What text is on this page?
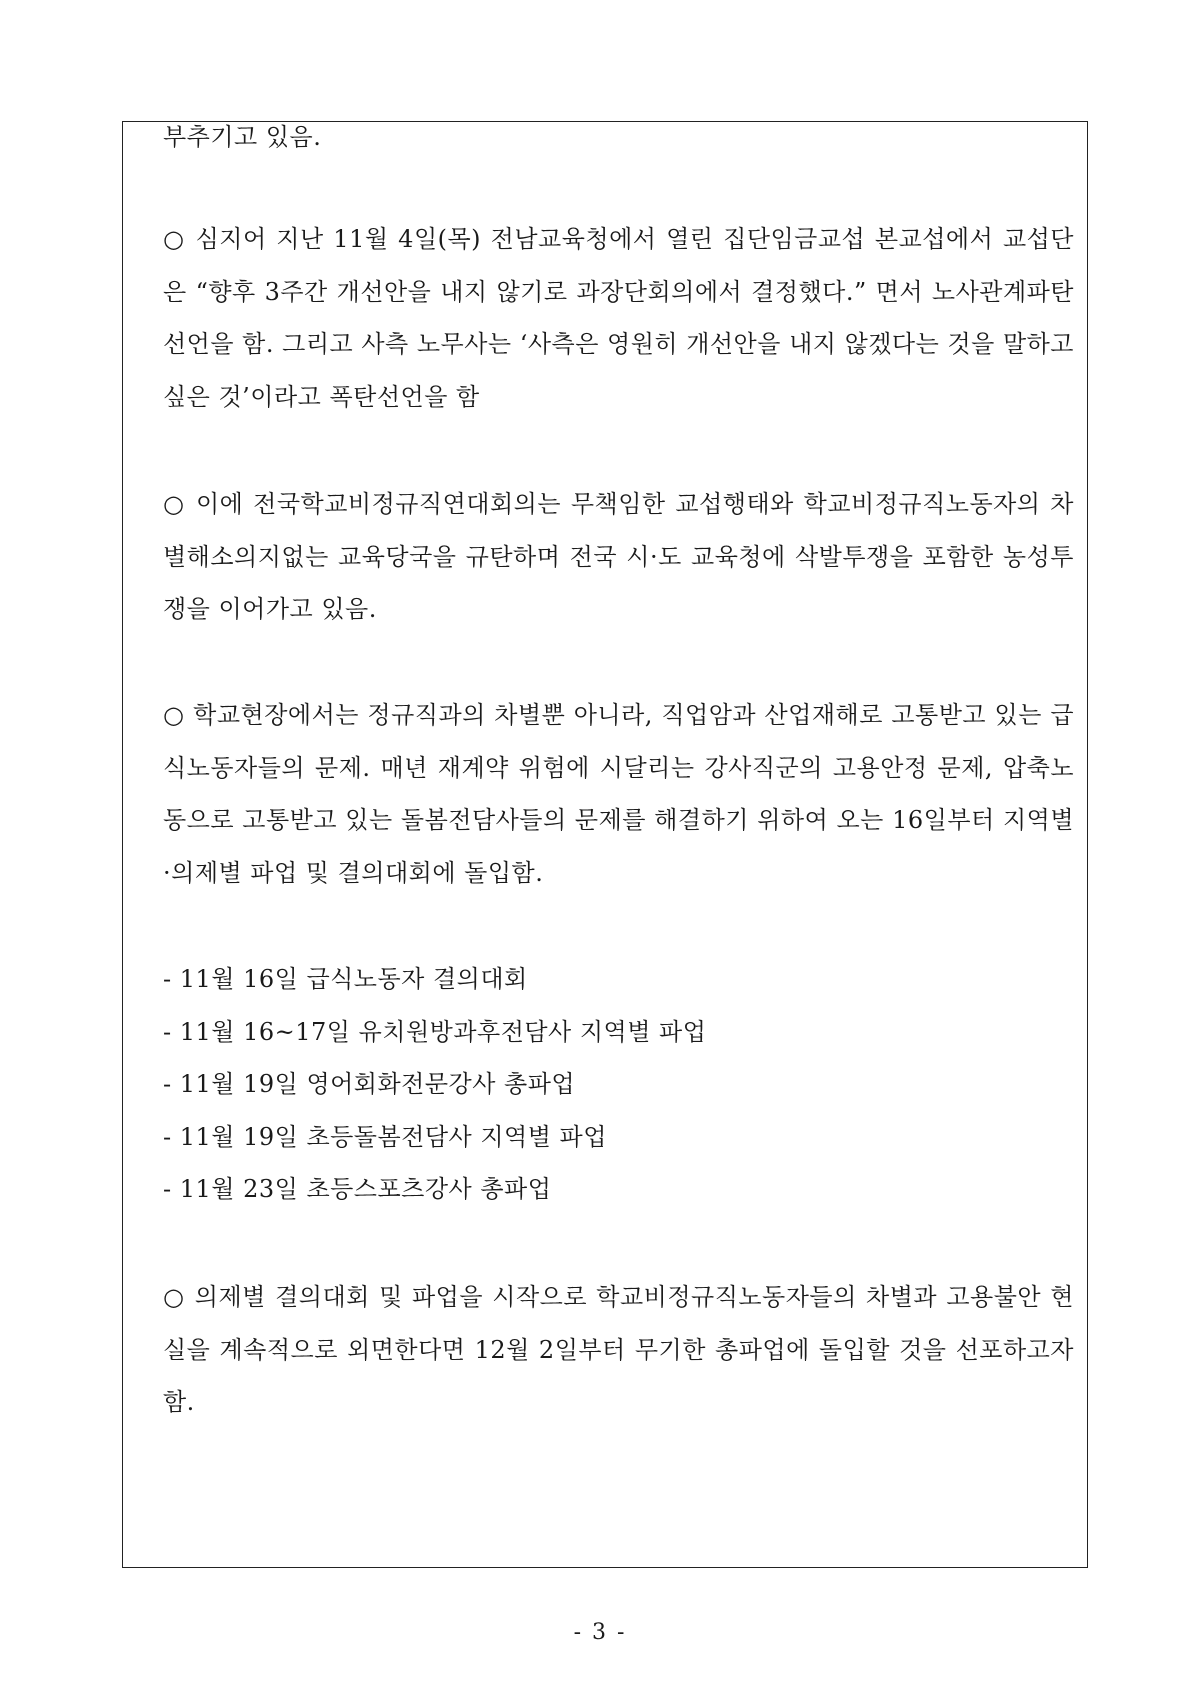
부추기고 있음.

○ 심지어 지난 11월 4일(목) 전남교육청에서 열린 집단임금교섭 본교섭에서 교섭단은 “향후 3주간 개선안을 내지 않기로 과장단회의에서 결정했다.” 면서 노사관계파탄 선언을 함. 그리고 사측 노무사는 ‘사측은 영원히 개선안을 내지 않겠다는 것을 말하고 싶은 것’이라고 폭탄선언을 함

○ 이에 전국학교비정규직연대회의는 무책임한 교섭행태와 학교비정규직노동자의 차별해소의지없는 교육당국을 규탄하며 전국 시·도 교육청에 삭발투쟁을 포함한 농성투쟁을 이어가고 있음.

○ 학교현장에서는 정규직과의 차별뿐 아니라, 직업암과 산업재해로 고통받고 있는 급식노동자들의 문제. 매년 재계약 위험에 시달리는 강사직군의 고용안정 문제, 압축노동으로 고통받고 있는 돌봄전담사들의 문제를 해결하기 위하여 오는 16일부터 지역별·의제별 파업 및 결의대회에 돌입함.

- 11월 16일 급식노동자 결의대회
- 11월 16~17일 유치원방과후전담사 지역별 파업
- 11월 19일 영어회화전문강사 총파업
- 11월 19일 초등돌봄전담사 지역별 파업
- 11월 23일 초등스포츠강사 총파업

○ 의제별 결의대회 및 파업을 시작으로 학교비정규직노동자들의 차별과 고용불안 현실을 계속적으로 외면한다면 12월 2일부터 무기한 총파업에 돌입할 것을 선포하고자함.

- 3 -
